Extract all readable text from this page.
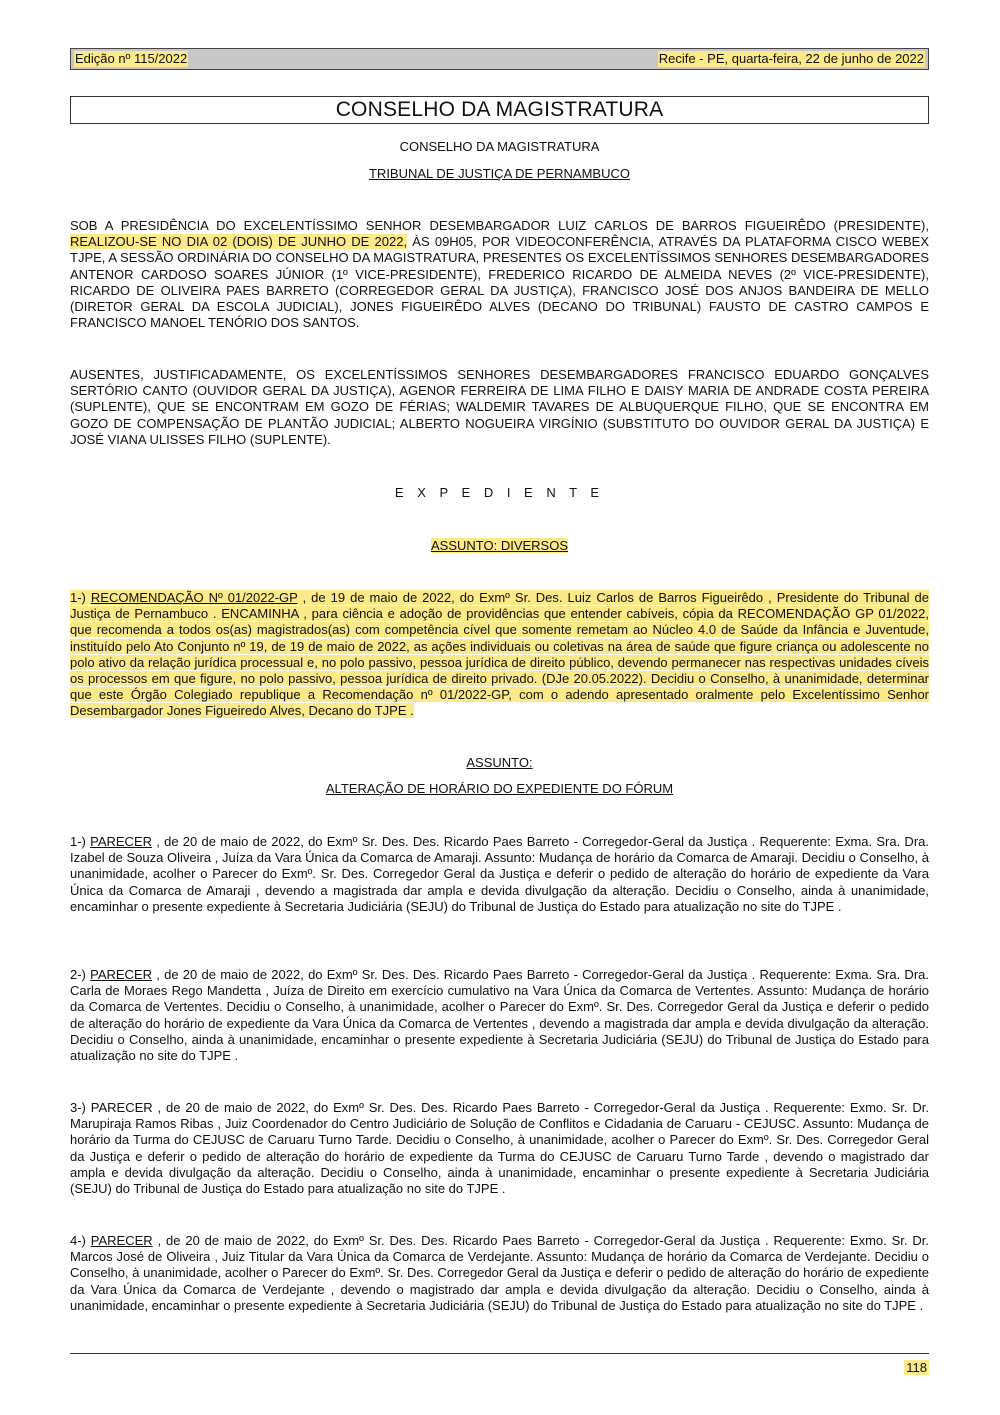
Edição nº 115/2022	Recife - PE, quarta-feira, 22 de junho de 2022
CONSELHO DA MAGISTRATURA
CONSELHO DA MAGISTRATURA
TRIBUNAL DE JUSTIÇA DE PERNAMBUCO
SOB A PRESIDÊNCIA DO EXCELENTÍSSIMO SENHOR DESEMBARGADOR LUIZ CARLOS DE BARROS FIGUEIRÊDO (PRESIDENTE), REALIZOU-SE NO DIA 02 (DOIS) DE JUNHO DE 2022, ÀS 09H05, POR VIDEOCONFERÊNCIA, ATRAVÉS DA PLATAFORMA CISCO WEBEX TJPE, A SESSÃO ORDINÁRIA DO CONSELHO DA MAGISTRATURA, PRESENTES OS EXCELENTÍSSIMOS SENHORES DESEMBARGADORES ANTENOR CARDOSO SOARES JÚNIOR (1º VICE-PRESIDENTE), FREDERICO RICARDO DE ALMEIDA NEVES (2º VICE-PRESIDENTE), RICARDO DE OLIVEIRA PAES BARRETO (CORREGEDOR GERAL DA JUSTIÇA), FRANCISCO JOSÉ DOS ANJOS BANDEIRA DE MELLO (DIRETOR GERAL DA ESCOLA JUDICIAL), JONES FIGUEIRÊDO ALVES (DECANO DO TRIBUNAL) FAUSTO DE CASTRO CAMPOS E FRANCISCO MANOEL TENÓRIO DOS SANTOS.
AUSENTES, JUSTIFICADAMENTE, OS EXCELENTÍSSIMOS SENHORES DESEMBARGADORES FRANCISCO EDUARDO GONÇALVES SERTÓRIO CANTO (OUVIDOR GERAL DA JUSTIÇA), AGENOR FERREIRA DE LIMA FILHO E DAISY MARIA DE ANDRADE COSTA PEREIRA (SUPLENTE), QUE SE ENCONTRAM EM GOZO DE FÉRIAS; WALDEMIR TAVARES DE ALBUQUERQUE FILHO, QUE SE ENCONTRA EM GOZO DE COMPENSAÇÃO DE PLANTÃO JUDICIAL; ALBERTO NOGUEIRA VIRGÍNIO (SUBSTITUTO DO OUVIDOR GERAL DA JUSTIÇA) E JOSÉ VIANA ULISSES FILHO (SUPLENTE).
E X P E D I E N T E
ASSUNTO: DIVERSOS
1-) RECOMENDAÇÃO Nº 01/2022-GP , de 19 de maio de 2022, do Exmº Sr. Des. Luiz Carlos de Barros Figueirêdo , Presidente do Tribunal de Justiça de Pernambuco . ENCAMINHA , para ciência e adoção de providências que entender cabíveis, cópia da RECOMENDAÇÃO GP 01/2022, que recomenda a todos os(as) magistrados(as) com competência cível que somente remetam ao Núcleo 4.0 de Saúde da Infância e Juventude, instituído pelo Ato Conjunto nº 19, de 19 de maio de 2022, as ações individuais ou coletivas na área de saúde que figure criança ou adolescente no polo ativo da relação jurídica processual e, no polo passivo, pessoa jurídica de direito público, devendo permanecer nas respectivas unidades cíveis os processos em que figure, no polo passivo, pessoa jurídica de direito privado. (DJe 20.05.2022). Decidiu o Conselho, à unanimidade, determinar que este Órgão Colegiado republique a Recomendação nº 01/2022-GP, com o adendo apresentado oralmente pelo Excelentíssimo Senhor Desembargador Jones Figueiredo Alves, Decano do TJPE .
ASSUNTO:
ALTERAÇÃO DE HORÁRIO DO EXPEDIENTE DO FÓRUM
1-) PARECER , de 20 de maio de 2022, do Exmº Sr. Des. Des. Ricardo Paes Barreto - Corregedor-Geral da Justiça . Requerente: Exma. Sra. Dra. Izabel de Souza Oliveira , Juíza da Vara Única da Comarca de Amaraji. Assunto: Mudança de horário da Comarca de Amaraji. Decidiu o Conselho, à unanimidade, acolher o Parecer do Exmº. Sr. Des. Corregedor Geral da Justiça e deferir o pedido de alteração do horário de expediente da Vara Única da Comarca de Amaraji , devendo a magistrada dar ampla e devida divulgação da alteração. Decidiu o Conselho, ainda à unanimidade, encaminhar o presente expediente à Secretaria Judiciária (SEJU) do Tribunal de Justiça do Estado para atualização no site do TJPE .
2-) PARECER , de 20 de maio de 2022, do Exmº Sr. Des. Des. Ricardo Paes Barreto - Corregedor-Geral da Justiça . Requerente: Exma. Sra. Dra. Carla de Moraes Rego Mandetta , Juíza de Direito em exercício cumulativo na Vara Única da Comarca de Vertentes. Assunto: Mudança de horário da Comarca de Vertentes. Decidiu o Conselho, à unanimidade, acolher o Parecer do Exmº. Sr. Des. Corregedor Geral da Justiça e deferir o pedido de alteração do horário de expediente da Vara Única da Comarca de Vertentes , devendo a magistrada dar ampla e devida divulgação da alteração. Decidiu o Conselho, ainda à unanimidade, encaminhar o presente expediente à Secretaria Judiciária (SEJU) do Tribunal de Justiça do Estado para atualização no site do TJPE .
3-) PARECER , de 20 de maio de 2022, do Exmº Sr. Des. Des. Ricardo Paes Barreto - Corregedor-Geral da Justiça . Requerente: Exmo. Sr. Dr. Marupiraja Ramos Ribas , Juiz Coordenador do Centro Judiciário de Solução de Conflitos e Cidadania de Caruaru - CEJUSC. Assunto: Mudança de horário da Turma do CEJUSC de Caruaru Turno Tarde. Decidiu o Conselho, à unanimidade, acolher o Parecer do Exmº. Sr. Des. Corregedor Geral da Justiça e deferir o pedido de alteração do horário de expediente da Turma do CEJUSC de Caruaru Turno Tarde , devendo o magistrado dar ampla e devida divulgação da alteração. Decidiu o Conselho, ainda à unanimidade, encaminhar o presente expediente à Secretaria Judiciária (SEJU) do Tribunal de Justiça do Estado para atualização no site do TJPE .
4-) PARECER , de 20 de maio de 2022, do Exmº Sr. Des. Des. Ricardo Paes Barreto - Corregedor-Geral da Justiça . Requerente: Exmo. Sr. Dr. Marcos José de Oliveira , Juiz Titular da Vara Única da Comarca de Verdejante. Assunto: Mudança de horário da Comarca de Verdejante. Decidiu o Conselho, à unanimidade, acolher o Parecer do Exmº. Sr. Des. Corregedor Geral da Justiça e deferir o pedido de alteração do horário de expediente da Vara Única da Comarca de Verdejante , devendo o magistrado dar ampla e devida divulgação da alteração. Decidiu o Conselho, ainda à unanimidade, encaminhar o presente expediente à Secretaria Judiciária (SEJU) do Tribunal de Justiça do Estado para atualização no site do TJPE .
118
